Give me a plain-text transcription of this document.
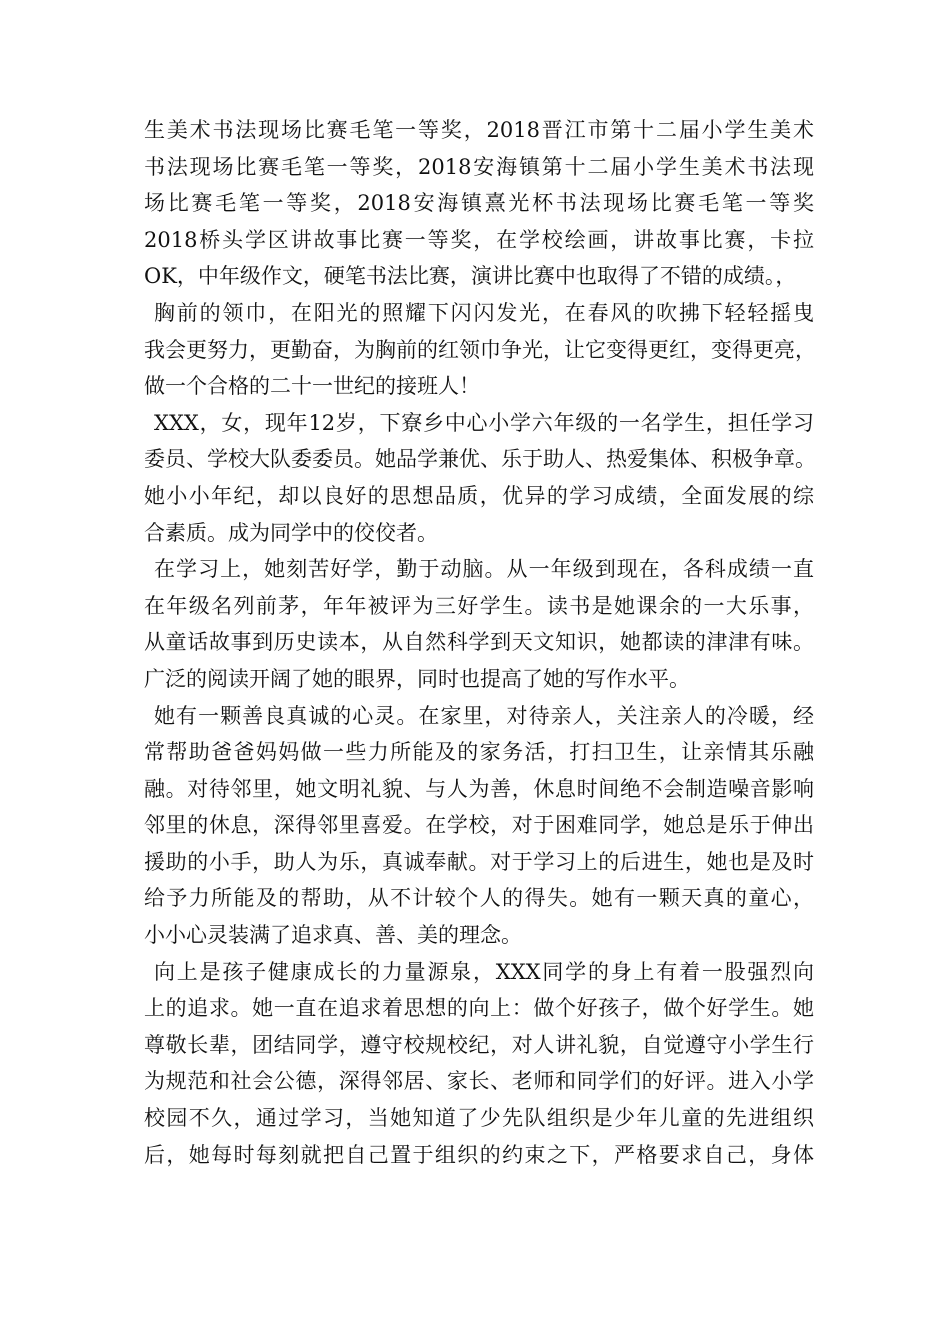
生美术书法现场比赛毛笔一等奖，2018晋江市第十二届小学生美术
书法现场比赛毛笔一等奖，2018安海镇第十二届小学生美术书法现
场比赛毛笔一等奖，2018安海镇熹光杯书法现场比赛毛笔一等奖
2018桥头学区讲故事比赛一等奖，在学校绘画，讲故事比赛，卡拉
OK，中年级作文，硬笔书法比赛，演讲比赛中也取得了不错的成绩。，
胸前的领巾，在阳光的照耀下闪闪发光，在春风的吹拂下轻轻摇曳
我会更努力，更勤奋，为胸前的红领巾争光，让它变得更红，变得更亮，
做一个合格的二十一世纪的接班人！
XXX，女，现年12岁，下寮乡中心小学六年级的一名学生，担任学习
委员、学校大队委委员。她品学兼优、乐于助人、热爱集体、积极争章。
她小小年纪，却以良好的思想品质，优异的学习成绩，全面发展的综
合素质。成为同学中的佼佼者。
在学习上，她刻苦好学，勤于动脑。从一年级到现在，各科成绩一直
在年级名列前茅，年年被评为三好学生。读书是她课余的一大乐事，
从童话故事到历史读本，从自然科学到天文知识，她都读的津津有味。
广泛的阅读开阔了她的眼界，同时也提高了她的写作水平。
她有一颗善良真诚的心灵。在家里，对待亲人，关注亲人的冷暖，经
常帮助爸爸妈妈做一些力所能及的家务活，打扫卫生，让亲情其乐融
融。对待邻里，她文明礼貌、与人为善，休息时间绝不会制造噪音影响
邻里的休息，深得邻里喜爱。在学校，对于困难同学，她总是乐于伸出
援助的小手，助人为乐，真诚奉献。对于学习上的后进生，她也是及时
给予力所能及的帮助，从不计较个人的得失。她有一颗天真的童心，
小小心灵装满了追求真、善、美的理念。
向上是孩子健康成长的力量源泉，XXX同学的身上有着一股强烈向
上的追求。她一直在追求着思想的向上：做个好孩子，做个好学生。她
尊敬长辈，团结同学，遵守校规校纪，对人讲礼貌，自觉遵守小学生行
为规范和社会公德，深得邻居、家长、老师和同学们的好评。进入小学
校园不久，通过学习，当她知道了少先队组织是少年儿童的先进组织
后，她每时每刻就把自己置于组织的约束之下，严格要求自己，身体
